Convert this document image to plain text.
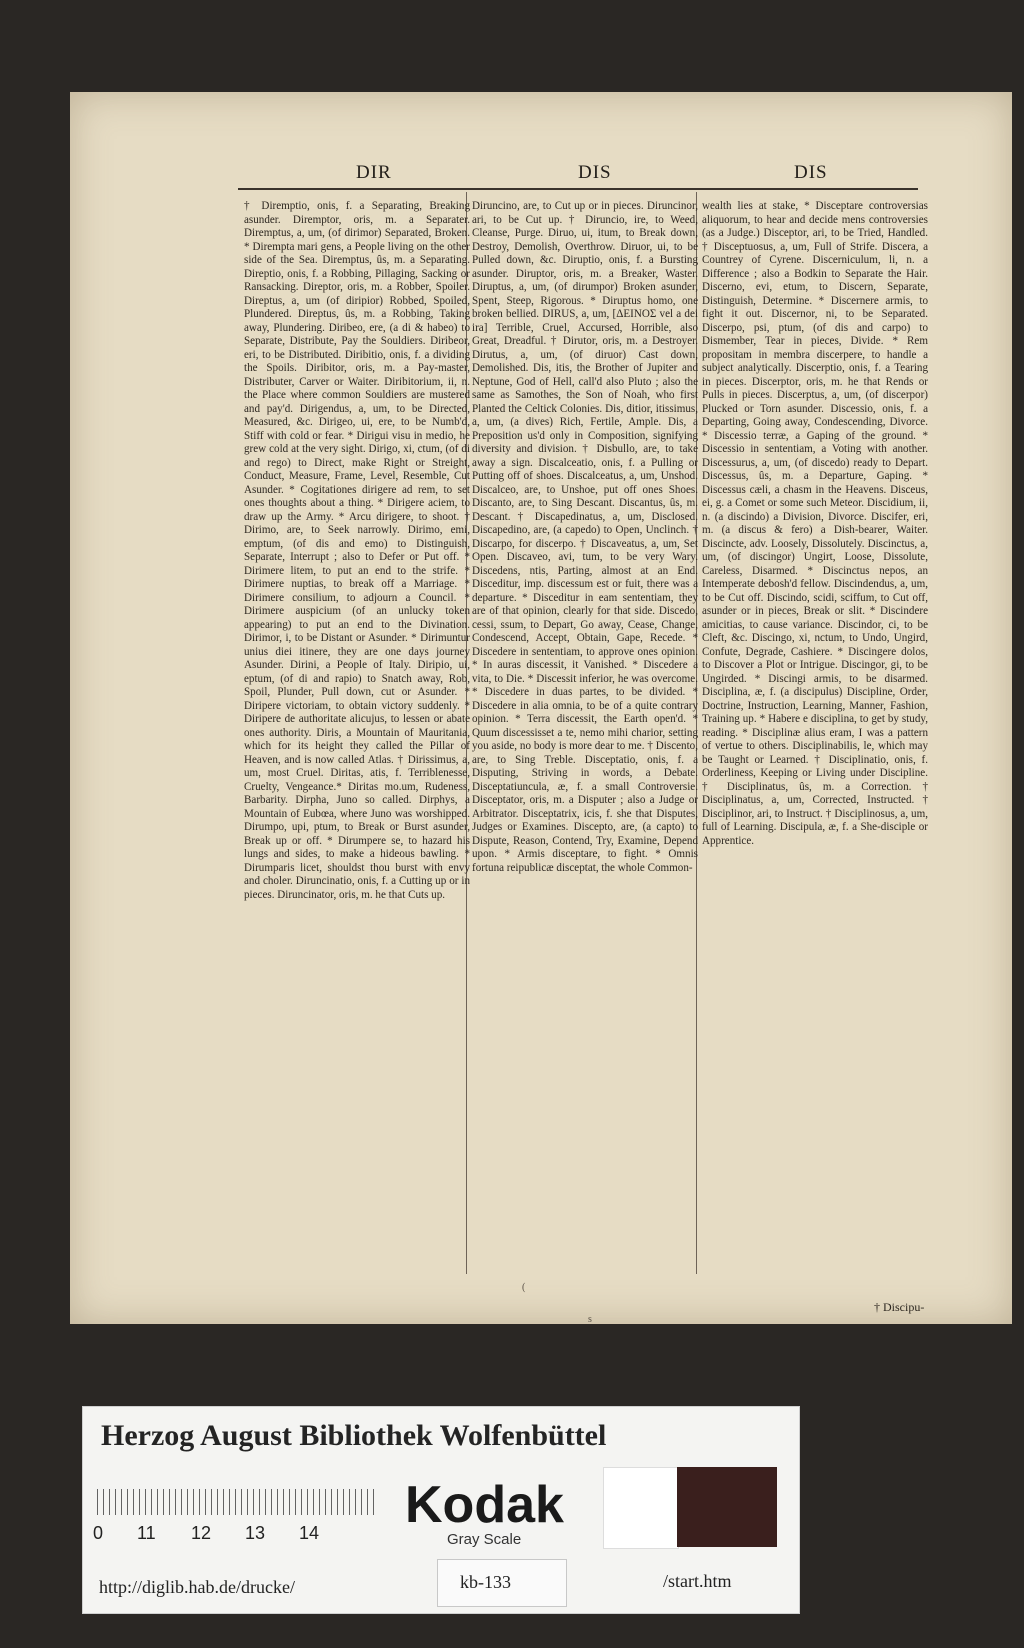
DIR	DIS	DIS
† Diremptio, onis, f. a Separating, Breaking asunder. Diremptor, oris, m. a Separater. Diremptus, a, um, (of dirimor) Separated, Broken. * Dirempta mari gens, a People living on the other side of the Sea. Diremptus, ûs, m. a Separating. Direptio, onis, f. a Robbing, Pillaging, Sacking or Ransacking. Direptor, oris, m. a Robber, Spoiler. Direptus, a, um (of diripior) Robbed, Spoiled, Plundered. Direptus, ûs, m. a Robbing, Taking away, Plundering. Diribeo, ere, (a di & habeo) to Separate, Distribute, Pay the Souldiers. Diribeor, eri, to be Distributed. Diribitio, onis, f. a dividing the Spoils. Diribitor, oris, m. a Pay-master, Distributer, Carver or Waiter. Diribitorium, ii, n. the Place where common Souldiers are mustered and pay'd. Dirigendus, a, um, to be Directed, Measured, &c. Dirigeo, ui, ere, to be Numb'd, Stiff with cold or fear. * Dirigui visu in medio, he grew cold at the very sight. Dirigo, xi, ctum, (of di and rego) to Direct, make Right or Streight, Conduct, Measure, Frame, Level, Resemble, Cut Asunder. * Cogitationes dirigere ad rem, to set ones thoughts about a thing. * Dirigere aciem, to draw up the Army. * Arcu dirigere, to shoot. † Dirimo, are, to Seek narrowly. Dirimo, emi, emptum, (of dis and emo) to Distinguish, Separate, Interrupt ; also to Defer or Put off. * Dirimere litem, to put an end to the strife. * Dirimere nuptias, to break off a Marriage. * Dirimere consilium, to adjourn a Council. * Dirimere auspicium (of an unlucky token appearing) to put an end to the Divination. Dirimor, i, to be Distant or Asunder. * Dirimuntur unius diei itinere, they are one days journey Asunder. Dirini, a People of Italy. Diripio, ui, eptum, (of di and rapio) to Snatch away, Rob, Spoil, Plunder, Pull down, cut or Asunder. * Diripere victoriam, to obtain victory suddenly. * Diripere de authoritate alicujus, to lessen or abate ones authority. Diris, a Mountain of Mauritania, which for its height they called the Pillar of Heaven, and is now called Atlas. † Dirissimus, a, um, most Cruel. Diritas, atis, f. Terriblenesse, Cruelty, Vengeance.* Diritas mo.um, Rudeness, Barbarity. Dirpha, Juno so called. Dirphys, a Mountain of Eubœa, where Juno was worshipped. Dirumpo, upi, ptum, to Break or Burst asunder, Break up or off. * Dirumpere se, to hazard his lungs and sides, to make a hideous bawling. * Dirumparis licet, shouldst thou burst with envy and choler. Diruncinatio, onis, f. a Cutting up or in pieces. Diruncinator, oris, m. he that Cuts up.
Diruncino, are, to Cut up or in pieces. Diruncinor, ari, to be Cut up. † Diruncio, ire, to Weed, Cleanse, Purge. Diruo, ui, itum, to Break down, Destroy, Demolish, Overthrow. Diruor, ui, to be Pulled down, &c. Diruptio, onis, f. a Bursting asunder. Diruptor, oris, m. a Breaker, Waster. Diruptus, a, um, (of dirumpor) Broken asunder, Spent, Steep, Rigorous. * Diruptus homo, one broken bellied. DIRUS, a, um, [ΔΕΙΝΟΣ vel a dei ira] Terrible, Cruel, Accursed, Horrible, also Great, Dreadful. † Dirutor, oris, m. a Destroyer. Dirutus, a, um, (of diruor) Cast down, Demolished. Dis, itis, the Brother of Jupiter and Neptune, God of Hell, call'd also Pluto ; also the same as Samothes, the Son of Noah, who first Planted the Celtick Colonies. Dis, ditior, itissimus, a, um, (a dives) Rich, Fertile, Ample. Dis, a Preposition us'd only in Composition, signifying diversity and division. † Disbullo, are, to take away a sign. Discalceatio, onis, f. a Pulling or Putting off of shoes. Discalceatus, a, um, Unshod. Discalceo, are, to Unshoe, put off ones Shoes. Discanto, are, to Sing Descant. Discantus, ûs, m. Descant. † Discapedinatus, a, um, Disclosed. Discapedino, are, (a capedo) to Open, Unclinch. † Discarpo, for discerpo. † Discaveatus, a, um, Set Open. Discaveo, avi, tum, to be very Wary. Discedens, ntis, Parting, almost at an End. Disceditur, imp. discessum est or fuit, there was a departure. * Disceditur in eam sententiam, they are of that opinion, clearly for that side. Discedo, cessi, ssum, to Depart, Go away, Cease, Change, Condescend, Accept, Obtain, Gape, Recede. * Discedere in sententiam, to approve ones opinion. * In auras discessit, it Vanished. * Discedere a vita, to Die. * Discessit inferior, he was overcome. * Discedere in duas partes, to be divided. * Discedere in alia omnia, to be of a quite contrary opinion. * Terra discessit, the Earth open'd. * Quum discessisset a te, nemo mihi charior, setting you aside, no body is more dear to me. † Discento, are, to Sing Treble. Disceptatio, onis, f. a Disputing, Striving in words, a Debate. Disceptatiuncula, æ, f. a small Controversie. Disceptator, oris, m. a Disputer ; also a Judge or Arbitrator. Disceptatrix, icis, f. she that Disputes, Judges or Examines. Discepto, are, (a capto) to Dispute, Reason, Contend, Try, Examine, Depend upon. * Armis disceptare, to fight. * Omnis fortuna reipublicæ disceptat, the whole Common-
wealth lies at stake, * Disceptare controversias aliquorum, to hear and decide mens controversies (as a Judge.) Disceptor, ari, to be Tried, Handled. † Disceptuosus, a, um, Full of Strife. Discera, a Countrey of Cyrene. Discerniculum, li, n. a Difference ; also a Bodkin to Separate the Hair. Discerno, evi, etum, to Discern, Separate, Distinguish, Determine. * Discernere armis, to fight it out. Discernor, ni, to be Separated. Discerpo, psi, ptum, (of dis and carpo) to Dismember, Tear in pieces, Divide. * Rem propositam in membra discerpere, to handle a subject analytically. Discerptio, onis, f. a Tearing in pieces. Discerptor, oris, m. he that Rends or Pulls in pieces. Discerptus, a, um, (of discerpor) Plucked or Torn asunder. Discessio, onis, f. a Departing, Going away, Condescending, Divorce. * Discessio terræ, a Gaping of the ground. * Discessio in sententiam, a Voting with another. Discessurus, a, um, (of discedo) ready to Depart. Discessus, ûs, m. a Departure, Gaping. * Discessus cæli, a chasm in the Heavens. Disceus, ei, g. a Comet or some such Meteor. Discidium, ii, n. (a discindo) a Division, Divorce. Discifer, eri, m. (a discus & fero) a Dish-bearer, Waiter. Discincte, adv. Loosely, Dissolutely. Discinctus, a, um, (of discingor) Ungirt, Loose, Dissolute, Careless, Disarmed. * Discinctus nepos, an Intemperate debosh'd fellow. Discindendus, a, um, to be Cut off. Discindo, scidi, sciffum, to Cut off, asunder or in pieces, Break or slit. * Discindere amicitias, to cause variance. Discindor, ci, to be Cleft, &c. Discingo, xi, nctum, to Undo, Ungird, Confute, Degrade, Cashiere. * Discingere dolos, to Discover a Plot or Intrigue. Discingor, gi, to be Ungirded. * Discingi armis, to be disarmed. Disciplina, æ, f. (a discipulus) Discipline, Order, Doctrine, Instruction, Learning, Manner, Fashion, Training up. * Habere e disciplina, to get by study, reading. * Disciplinæ alius eram, I was a pattern of vertue to others. Disciplinabilis, le, which may be Taught or Learned. † Disciplinatio, onis, f. Orderliness, Keeping or Living under Discipline. † Disciplinatus, ûs, m. a Correction. † Disciplinatus, a, um, Corrected, Instructed. † Disciplinor, ari, to Instruct. † Disciplinosus, a, um, full of Learning. Discipula, æ, f. a She-disciple or Apprentice.
† Discipu-
(
s
Herzog August Bibliothek Wolfenbüttel
0 11 12 13 14	Kodak
Gray Scale
http://diglib.hab.de/drucke/	kb-133	/start.htm
